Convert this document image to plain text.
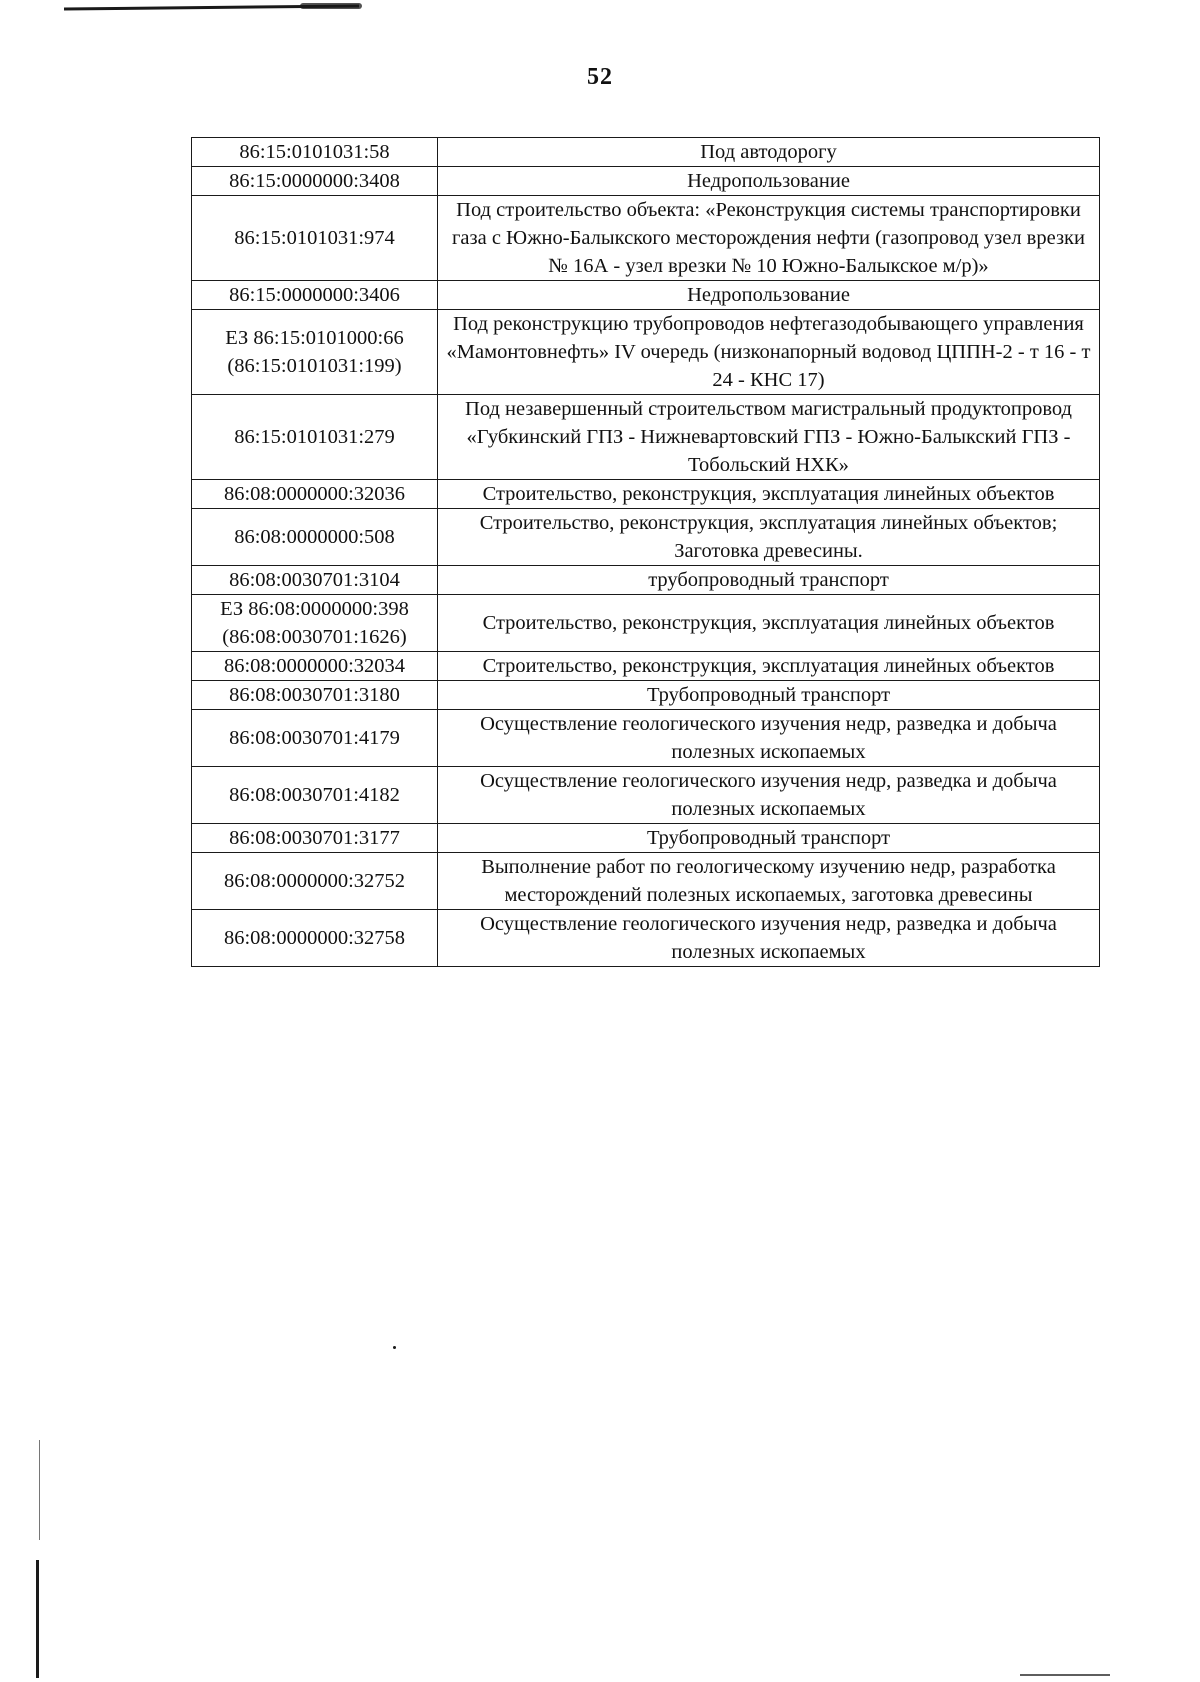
52
86:15:0101031:58	Под автодорогу
86:15:0000000:3408	Недропользование
86:15:0101031:974	Под строительство объекта: «Реконструкция системы транспортировки газа с Южно-Балыкского месторождения нефти (газопровод узел врезки № 16А - узел врезки № 10 Южно-Балыкское м/р)»
86:15:0000000:3406	Недропользование
ЕЗ 86:15:0101000:66 (86:15:0101031:199)	Под реконструкцию трубопроводов нефтегазодобывающего управления «Мамонтовнефть» IV очередь (низконапорный водовод ЦППН-2 - т 16 - т 24 - КНС 17)
86:15:0101031:279	Под незавершенный строительством магистральный продуктопровод «Губкинский ГПЗ - Нижневартовский ГПЗ - Южно-Балыкский ГПЗ - Тобольский НХК»
86:08:0000000:32036	Строительство, реконструкция, эксплуатация линейных объектов
86:08:0000000:508	Строительство, реконструкция, эксплуатация линейных объектов; Заготовка древесины.
86:08:0030701:3104	трубопроводный транспорт
ЕЗ 86:08:0000000:398 (86:08:0030701:1626)	Строительство, реконструкция, эксплуатация линейных объектов
86:08:0000000:32034	Строительство, реконструкция, эксплуатация линейных объектов
86:08:0030701:3180	Трубопроводный транспорт
86:08:0030701:4179	Осуществление геологического изучения недр, разведка и добыча полезных ископаемых
86:08:0030701:4182	Осуществление геологического изучения недр, разведка и добыча полезных ископаемых
86:08:0030701:3177	Трубопроводный транспорт
86:08:0000000:32752	Выполнение работ по геологическому изучению недр, разработка месторождений полезных ископаемых, заготовка древесины
86:08:0000000:32758	Осуществление геологического изучения недр, разведка и добыча полезных ископаемых
